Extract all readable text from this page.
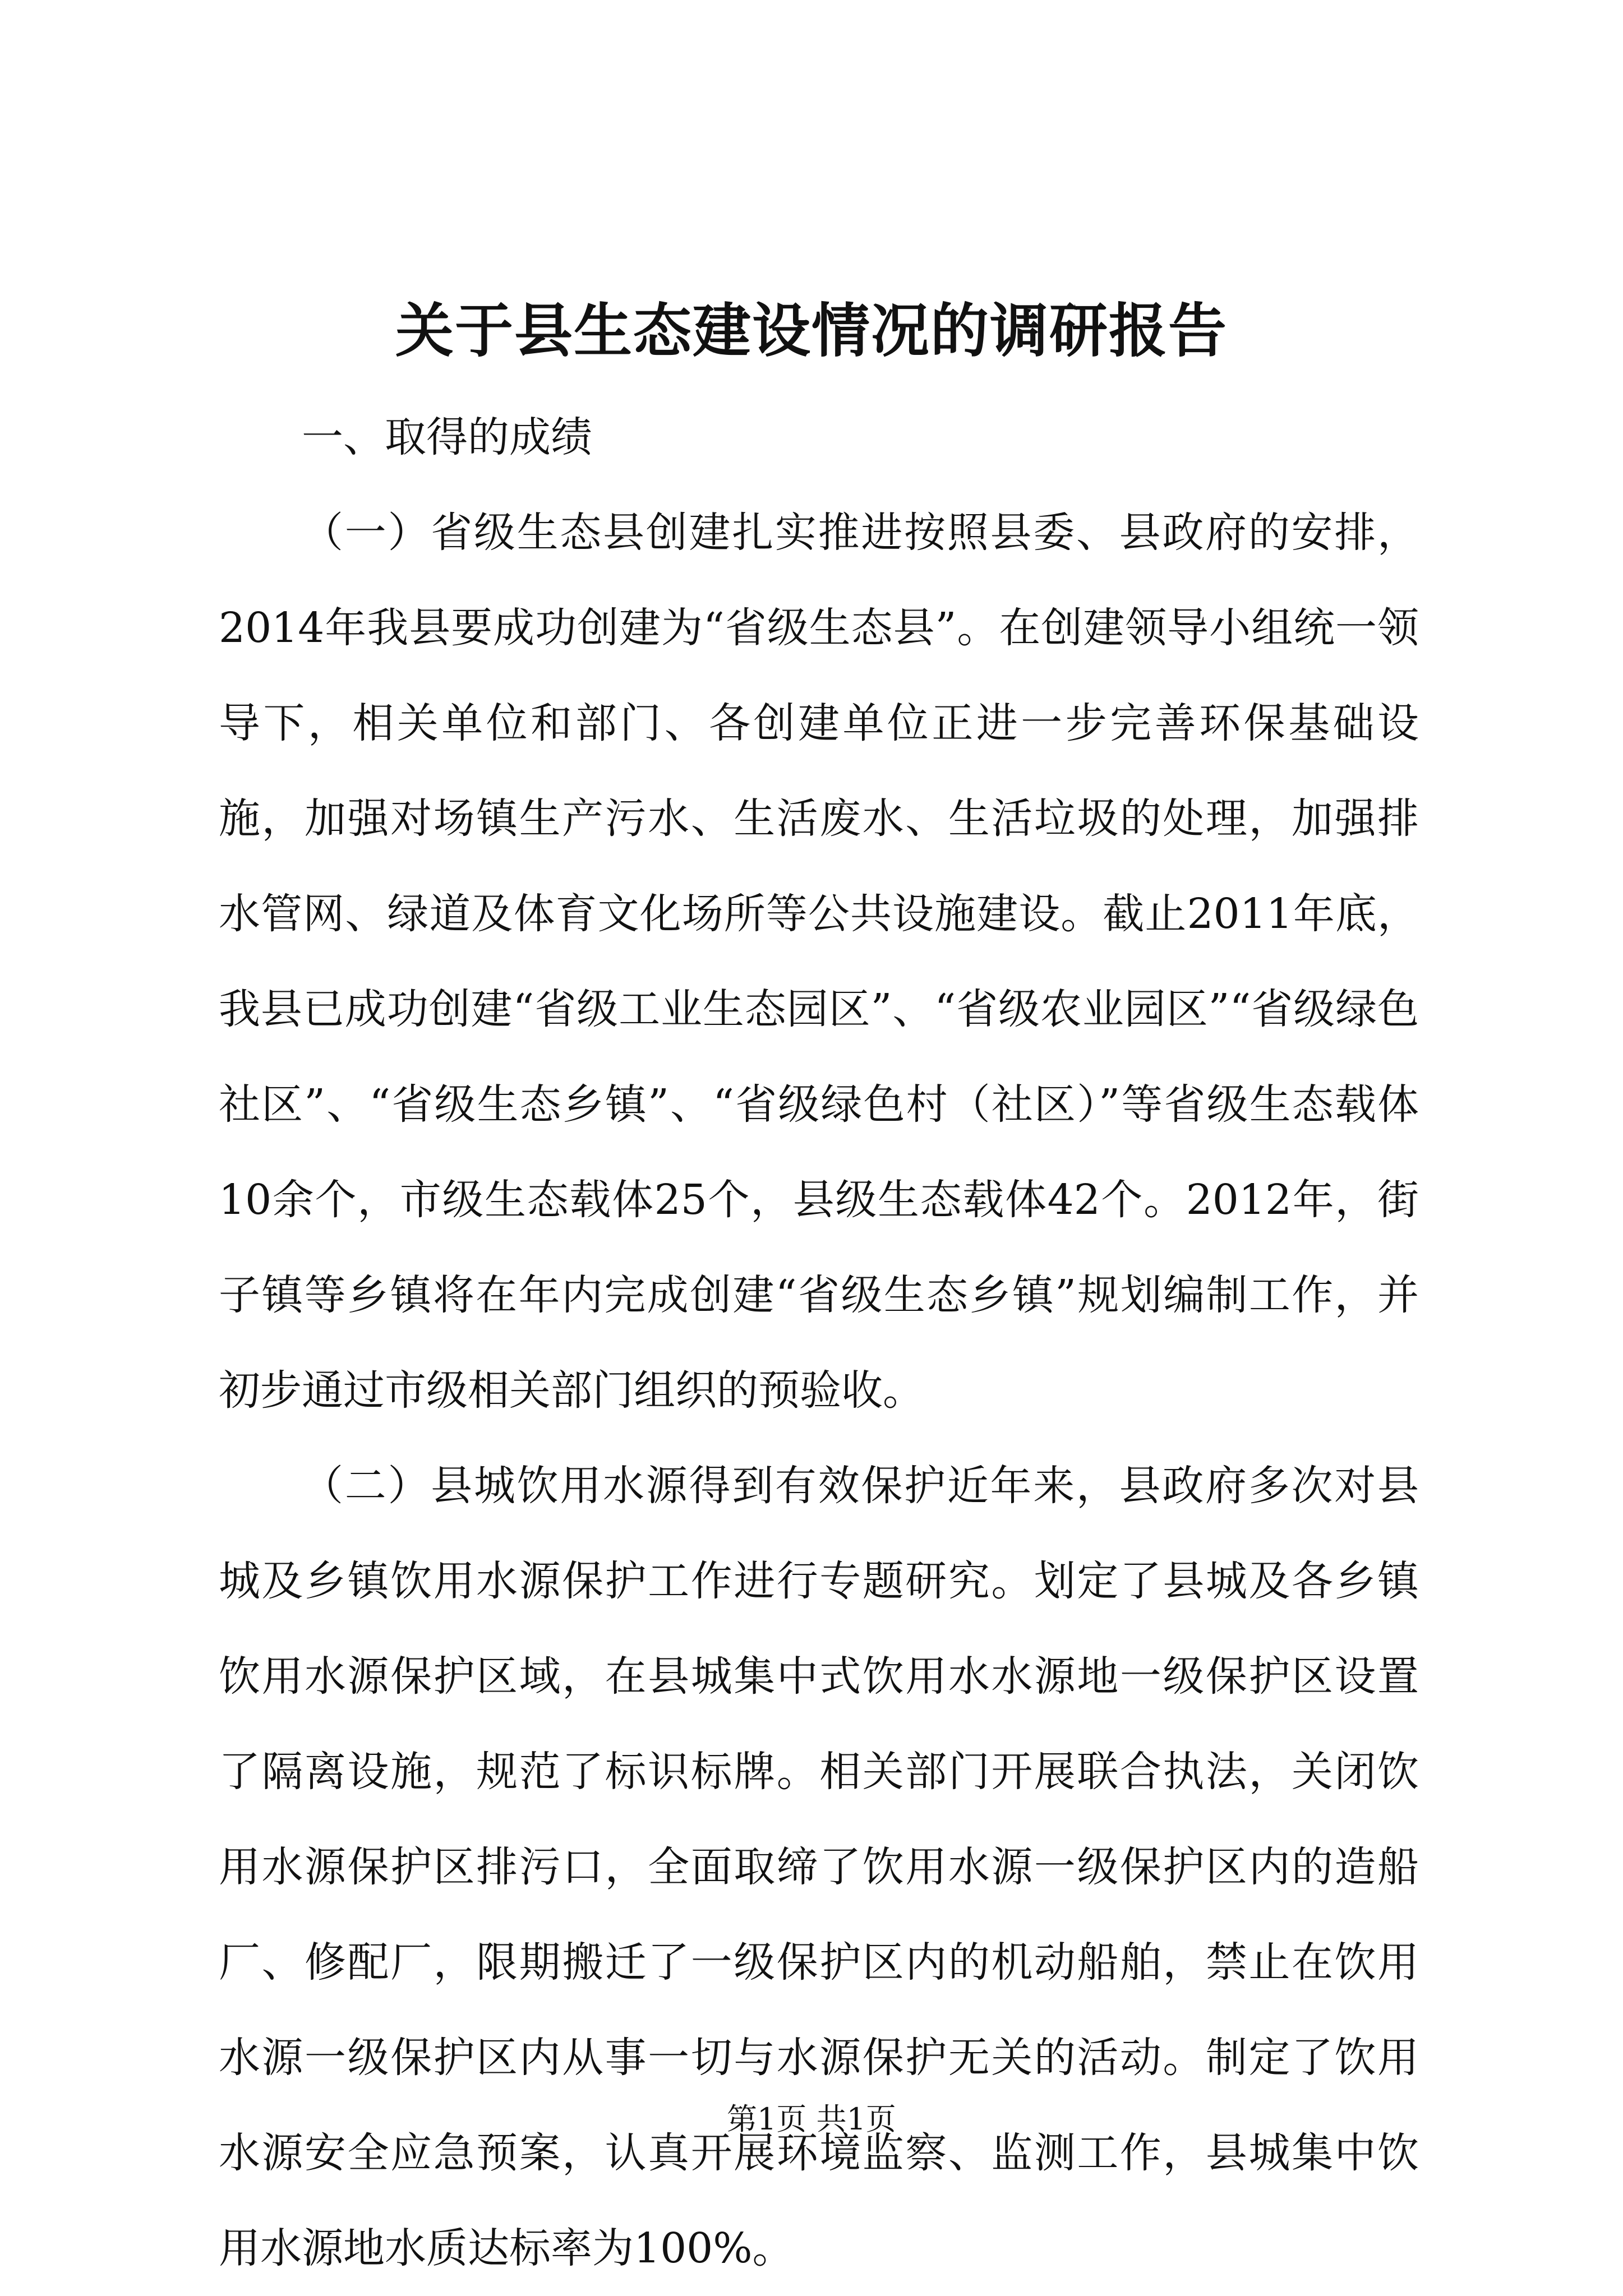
关于县生态建设情况的调研报告

一、取得的成绩

（一）省级生态县创建扎实推进按照县委、县政府的安排，2014年我县要成功创建为“省级生态县”。在创建领导小组统一领导下，相关单位和部门、各创建单位正进一步完善环保基础设施，加强对场镇生产污水、生活废水、生活垃圾的处理，加强排水管网、绿道及体育文化场所等公共设施建设。截止2011年底，我县已成功创建“省级工业生态园区”、“省级农业园区”“省级绿色社区”、“省级生态乡镇”、“省级绿色村（社区）”等省级生态载体10余个，市级生态载体25个，县级生态载体42个。2012年，街子镇等乡镇将在年内完成创建“省级生态乡镇”规划编制工作，并初步通过市级相关部门组织的预验收。

（二）县城饮用水源得到有效保护近年来，县政府多次对县城及乡镇饮用水源保护工作进行专题研究。划定了县城及各乡镇饮用水源保护区域，在县城集中式饮用水水源地一级保护区设置了隔离设施，规范了标识标牌。相关部门开展联合执法，关闭饮用水源保护区排污口，全面取缔了饮用水源一级保护区内的造船厂、修配厂，限期搬迁了一级保护区内的机动船舶，禁止在饮用水源一级保护区内从事一切与水源保护无关的活动。制定了饮用水源安全应急预案，认真开展环境监察、监测工作，县城集中饮用水源地水质达标率为100%。

第1页 共1页
